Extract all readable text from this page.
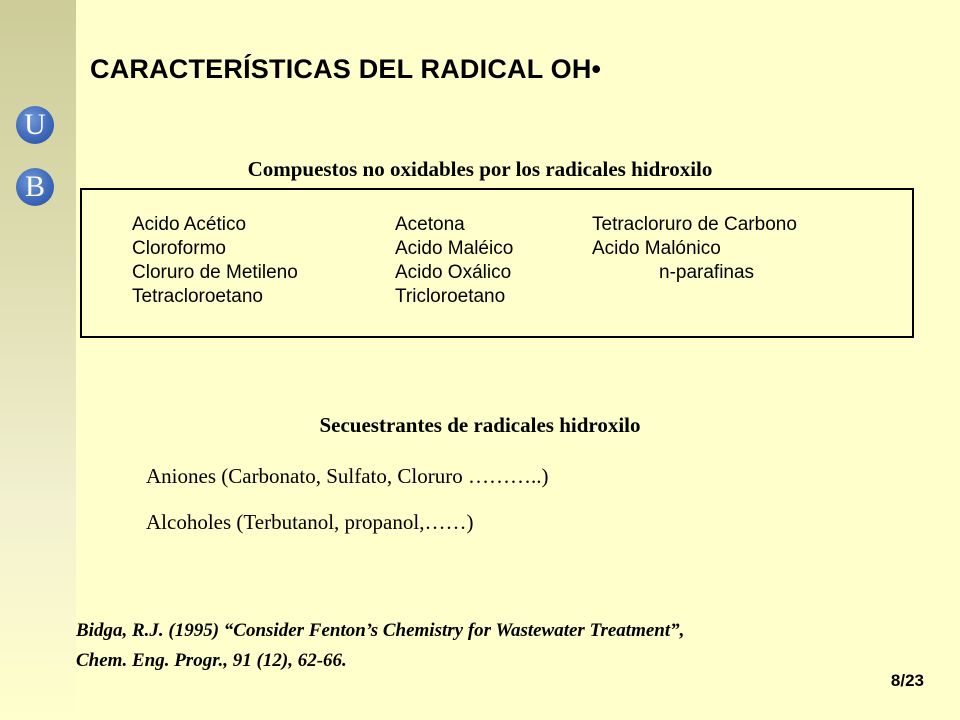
U
B
CARACTERÍSTICAS DEL RADICAL OH•
Compuestos no oxidables por los radicales hidroxilo
Acido Acético
Cloroformo
Cloruro de Metileno
Tetracloroetano
Acetona
Acido Maléico
Acido Oxálico
Tricloroetano
Tetracloruro de Carbono
Acido Malónico
n-parafinas
Secuestrantes de radicales hidroxilo
Aniones (Carbonato, Sulfato, Cloruro ………..)
Alcoholes (Terbutanol, propanol,……)
Bidga, R.J. (1995) “Consider Fenton’s Chemistry for Wastewater Treatment”,
Chem. Eng. Progr., 91 (12), 62-66.
8/23
